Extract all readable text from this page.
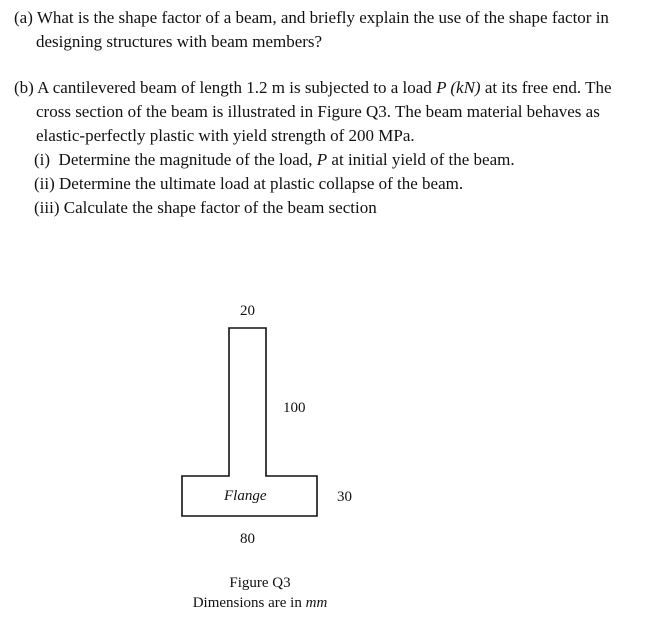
(a) What is the shape factor of a beam, and briefly explain the use of the shape factor in
designing structures with beam members?
(b) A cantilevered beam of length 1.2 m is subjected to a load P (kN) at its free end. The
cross section of the beam is illustrated in Figure Q3. The beam material behaves as
elastic-perfectly plastic with yield strength of 200 MPa.
(i) Determine the magnitude of the load, P at initial yield of the beam.
(ii) Determine the ultimate load at plastic collapse of the beam.
(iii) Calculate the shape factor of the beam section
20
100
Flange	30
80
Figure Q3
Dimensions are in mm
